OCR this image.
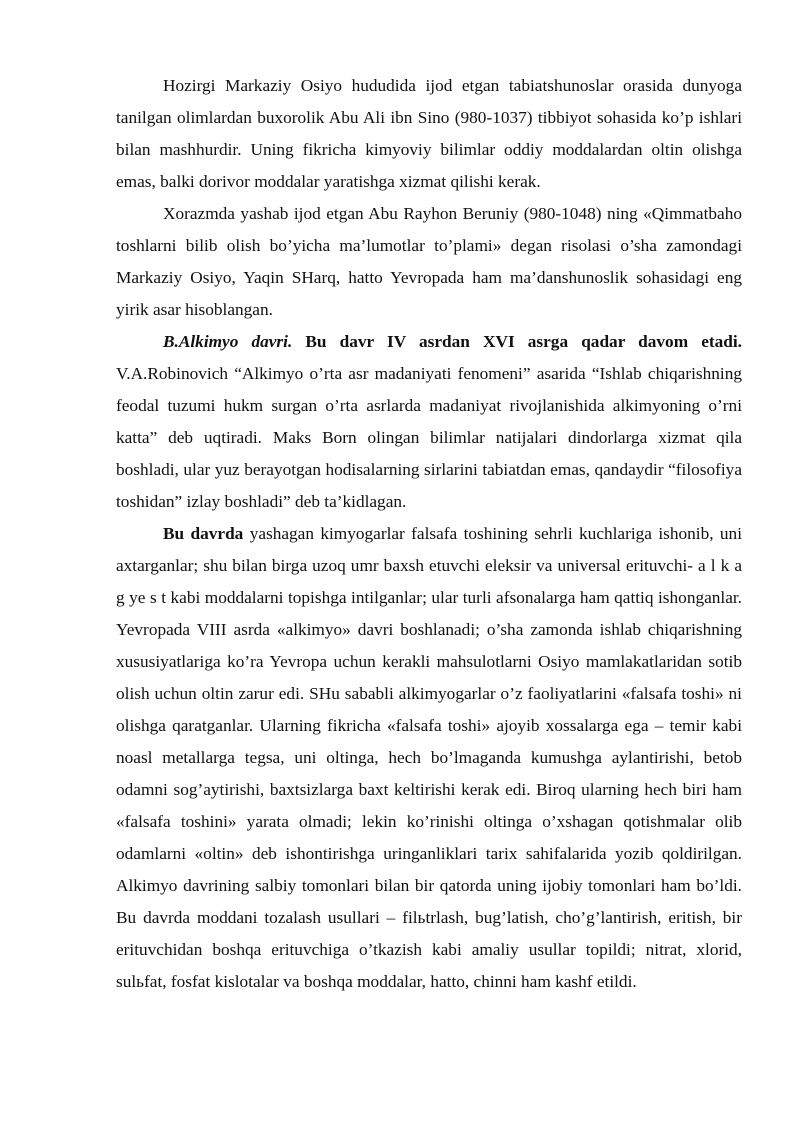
Hozirgi Markaziy Osiyo hududida ijod etgan tabiatshunoslar orasida dunyoga tanilgan olimlardan buxorolik Abu Ali ibn Sino (980-1037) tibbiyot sohasida ko’p ishlari bilan mashhurdir. Uning fikricha kimyoviy bilimlar oddiy moddalardan oltin olishga emas, balki dorivor moddalar yaratishga xizmat qilishi kerak.

Xorazmda yashab ijod etgan Abu Rayhon Beruniy (980-1048) ning «Qimmatbaho toshlarni bilib olish bo’yicha ma’lumotlar to’plami» degan risolasi o’sha zamondagi Markaziy Osiyo, Yaqin SHarq, hatto Yevropada ham ma’danshunoslik sohasidagi eng yirik asar hisoblangan.

B.Alkimyo davri. Bu davr IV asrdan XVI asrga qadar davom etadi. V.A.Robinovich “Alkimyo o’rta asr madaniyati fenomeni” asarida “Ishlab chiqarishning feodal tuzumi hukm surgan o’rta asrlarda madaniyat rivojlanishida alkimyoning o’rni katta” deb uqtiradi. Maks Born olingan bilimlar natijalari dindorlarga xizmat qila boshladi, ular yuz berayotgan hodisalarning sirlarini tabiatdan emas, qandaydir “filosofiya toshidan” izlay boshladi” deb ta’kidlagan.

Bu davrda yashagan kimyogarlar falsafa toshining sehrli kuchlariga ishonib, uni axtarganlar; shu bilan birga uzoq umr baxsh etuvchi eleksir va universal erituvchi- a l k a g ye s t kabi moddalarni topishga intilganlar; ular turli afsonalarga ham qattiq ishonganlar. Yevropada VIII asrda «alkimyo» davri boshlanadi; o’sha zamonda ishlab chiqarishning xususiyatlariga ko’ra Yevropa uchun kerakli mahsulotlarni Osiyo mamlakatlaridan sotib olish uchun oltin zarur edi. SHu sababli alkimyogarlar o’z faoliyatlarini «falsafa toshi» ni olishga qaratganlar. Ularning fikricha «falsafa toshi» ajoyib xossalarga ega – temir kabi noasl metallarga tegsa, uni oltinga, hech bo’lmaganda kumushga aylantirishi, betob odamni sog’aytirishi, baxtsizlarga baxt keltirishi kerak edi. Biroq ularning hech biri ham «falsafa toshini» yarata olmadi; lekin ko’rinishi oltinga o’xshagan qotishmalar olib odamlarni «oltin» deb ishontirishga uringanliklari tarix sahifalarida yozib qoldirilgan. Alkimyo davrining salbiy tomonlari bilan bir qatorda uning ijobiy tomonlari ham bo’ldi. Bu davrda moddani tozalash usullari – filьtrlash, bug’latish, cho’g’lantirish, eritish, bir erituvchidan boshqa erituvchiga o’tkazish kabi amaliy usullar topildi; nitrat, xlorid, sulьfat, fosfat kislotalar va boshqa moddalar, hatto, chinni ham kashf etildi.
